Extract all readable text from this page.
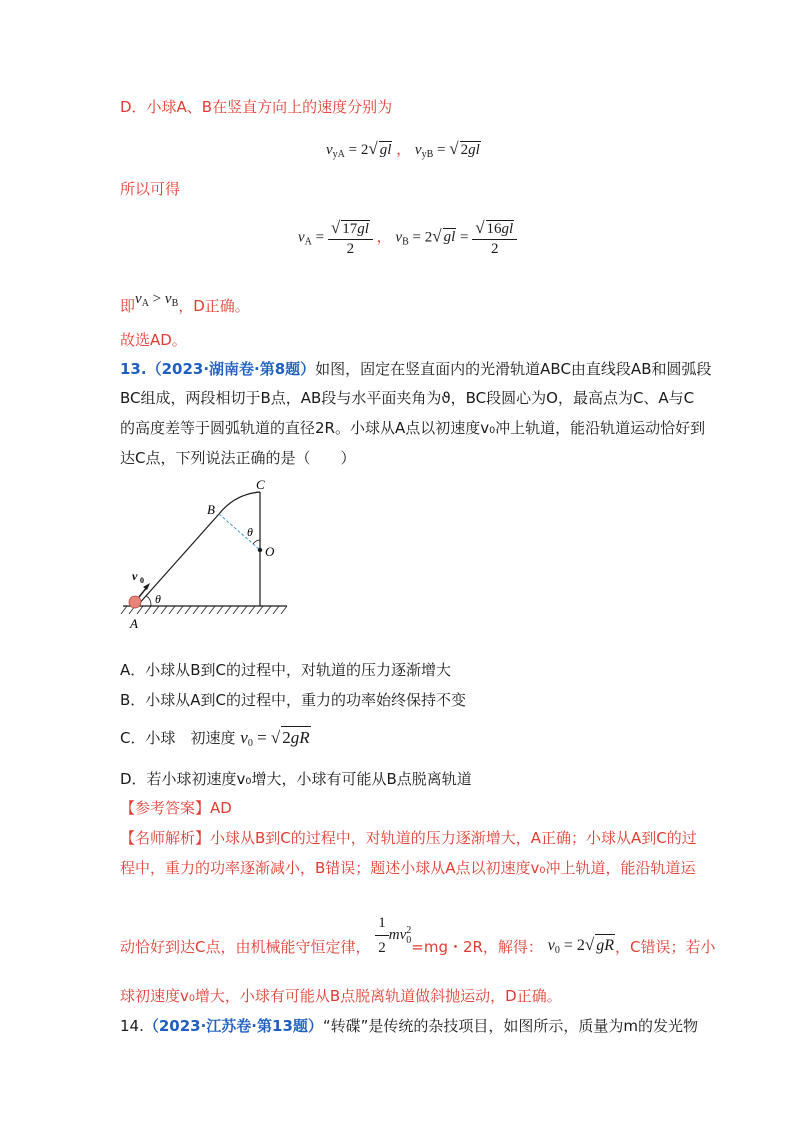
D．小球A、B在竖直方向上的速度分别为
$v_{yA} = 2√$ gl ， $v_{yB}$ = √ 2gl
所以可得
$v_A = \frac{√ 17gl}{2}$ ， $v_B = 2√$ gl = $\frac{√ 16gl}{2}$
即$v_A > v_B$，D正确。
故选AD。
13.（2023·湖南卷·第8题）如图，固定在竖直面内的光滑轨道ABC由直线段AB和圆弧段
BC组成，两段相切于B点，AB段与水平面夹角为ϑ，BC段圆心为O，最高点为C、A与C
的高度差等于圆弧轨道的直径2R。小球从A点以初速度v₀冲上轨道，能沿轨道运动恰好到
达C点，下列说法正确的是（　　）
C
B
O
θ
θ
A
v 0
A．小球从B到C的过程中，对轨道的压力逐渐增大
B．小球从A到C的过程中，重力的功率始终保持不变
C．小球　初速度 $v_0$ = √ 2gR
D．若小球初速度v₀增大，小球有可能从B点脱离轨道
【参考答案】AD
【名师解析】小球从B到C的过程中，对轨道的压力逐渐增大，A正确；小球从A到C的过
程中，重力的功率逐渐减小，B错误；题述小球从A点以初速度v₀冲上轨道，能沿轨道运
动恰好到达C点，由机械能守恒定律， $\frac{1}{2}$ mv 2
0 =mg・2R，解得： $v_0 = 2√$ gR，C错误；若小
球初速度v₀增大，小球有可能从B点脱离轨道做斜抛运动，D正确。
14.（2023·江苏卷·第13题）“转碟”是传统的杂技项目，如图所示，质量为m的发光物
